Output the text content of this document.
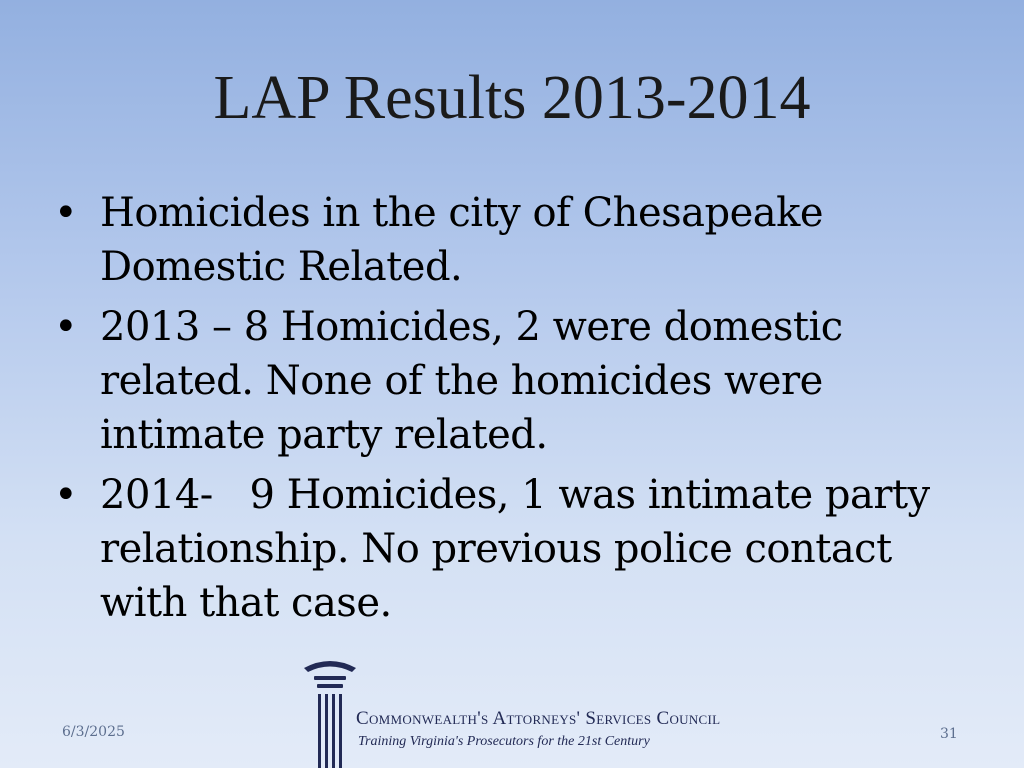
LAP Results 2013-2014
• Homicides in the city of Chesapeake Domestic Related.
• 2013 – 8 Homicides, 2 were domestic related. None of the homicides were intimate party related.
• 2014-   9 Homicides, 1 was intimate party relationship. No previous police contact with that case.
6/3/2025
Commonwealth's Attorneys' Services Council
Training Virginia's Prosecutors for the 21st Century	31
